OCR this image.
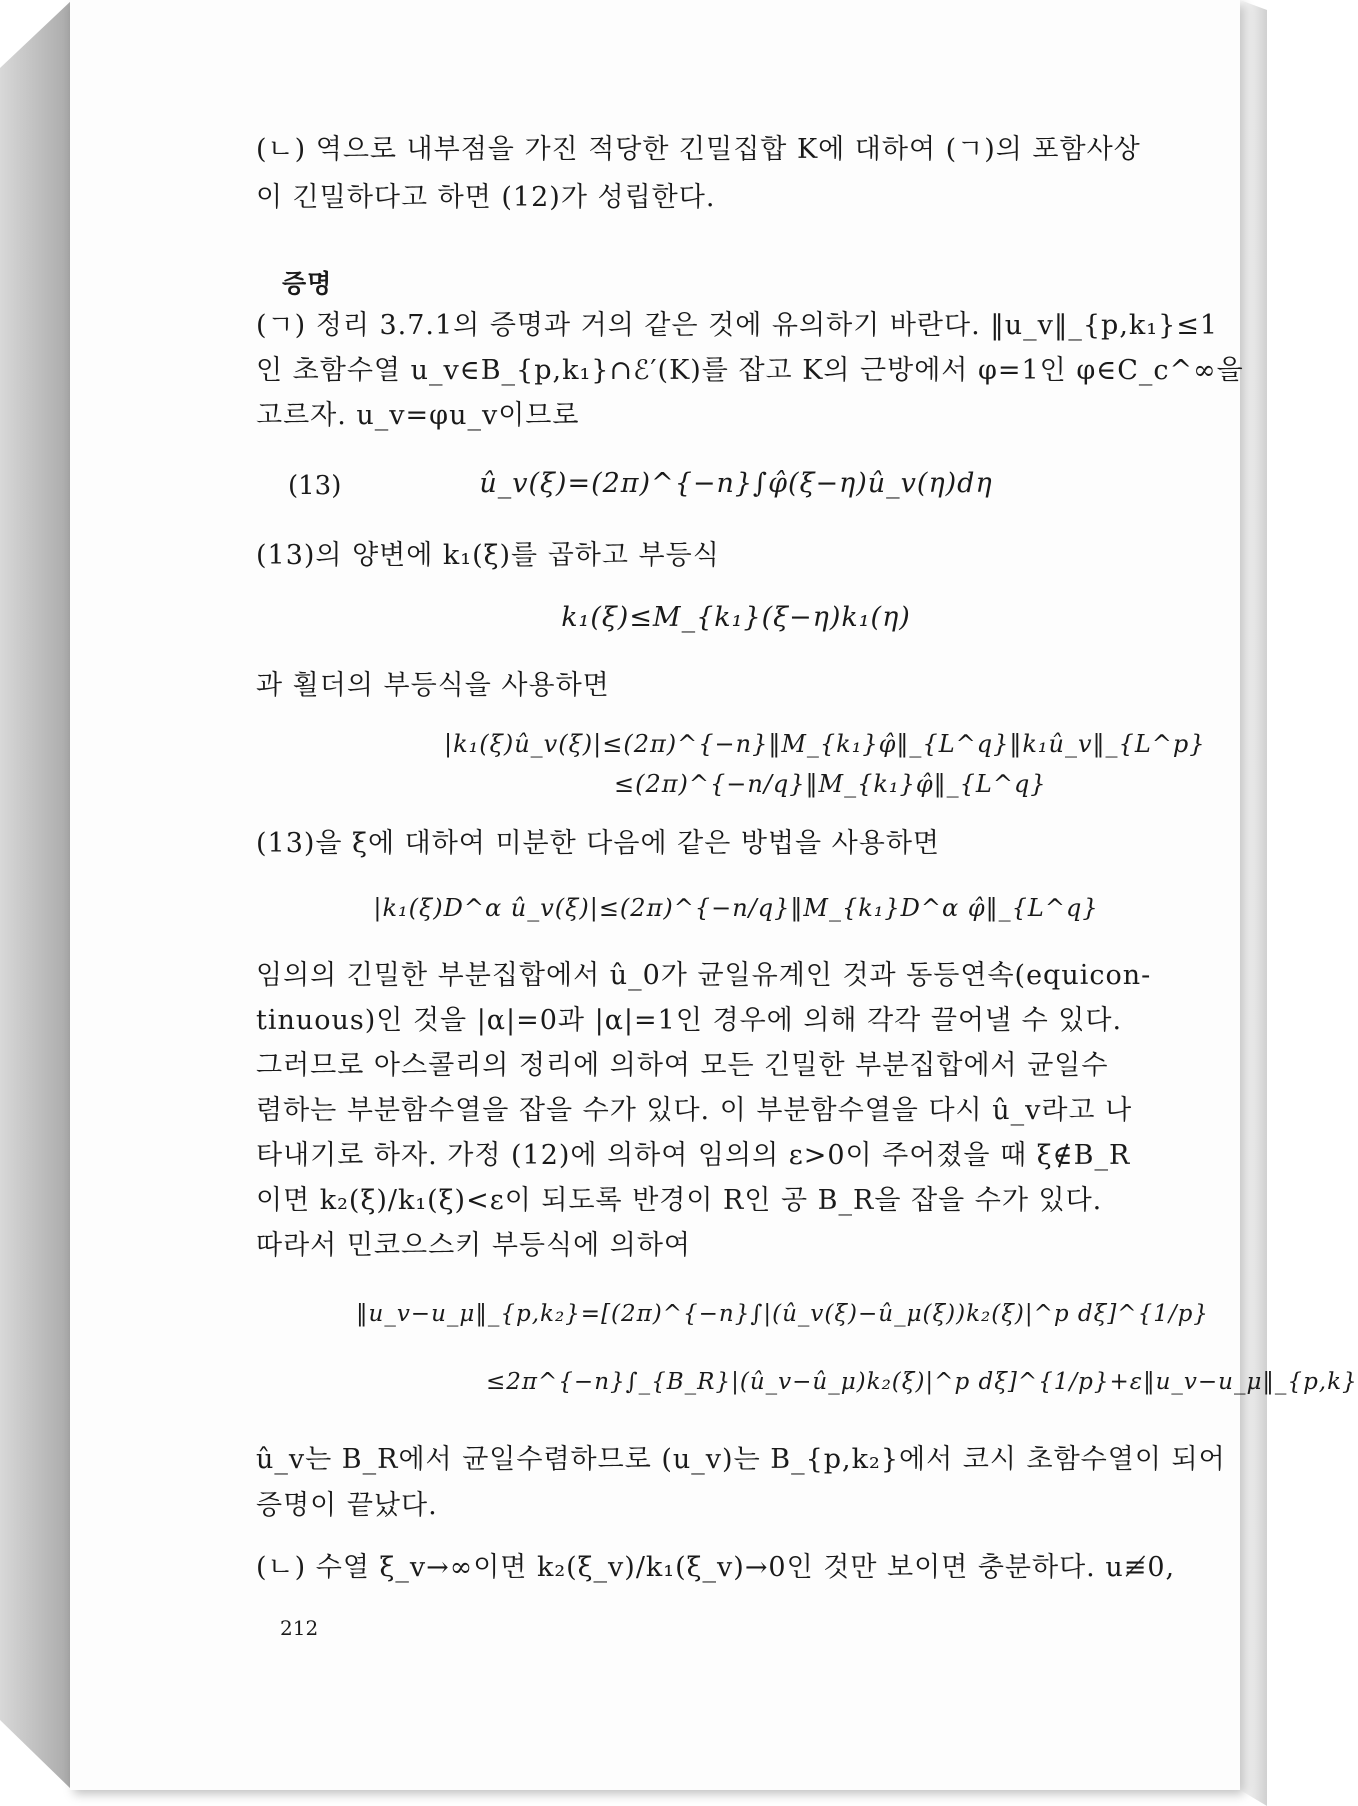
(ㄴ) 역으로 내부점을 가진 적당한 긴밀집합 K에 대하여 (ㄱ)의 포함사상
이 긴밀하다고 하면 (12)가 성립한다.
증명
(ㄱ) 정리 3.7.1의 증명과 거의 같은 것에 유의하기 바란다. ‖u_v‖_{p,k₁}≤1
인 초함수열 u_v∈B_{p,k₁}∩ℰ′(K)를 잡고 K의 근방에서 φ=1인 φ∈C_c^∞을
고르자. u_v=φu_v이므로
(13)	û_v(ξ)=(2π)^{−n}∫φ̂(ξ−η)û_v(η)dη
(13)의 양변에 k₁(ξ)를 곱하고 부등식
k₁(ξ)≤M_{k₁}(ξ−η)k₁(η)
과 횔더의 부등식을 사용하면
|k₁(ξ)û_v(ξ)|≤(2π)^{−n}‖M_{k₁}φ̂‖_{L^q}‖k₁û_v‖_{L^p}
≤(2π)^{−n/q}‖M_{k₁}φ̂‖_{L^q}
(13)을 ξ에 대하여 미분한 다음에 같은 방법을 사용하면
|k₁(ξ)D^α û_v(ξ)|≤(2π)^{−n/q}‖M_{k₁}D^α φ̂‖_{L^q}
임의의 긴밀한 부분집합에서 û_0가 균일유계인 것과 동등연속(equicon-
tinuous)인 것을 |α|=0과 |α|=1인 경우에 의해 각각 끌어낼 수 있다.
그러므로 아스콜리의 정리에 의하여 모든 긴밀한 부분집합에서 균일수
렴하는 부분함수열을 잡을 수가 있다. 이 부분함수열을 다시 û_v라고 나
타내기로 하자. 가정 (12)에 의하여 임의의 ε>0이 주어졌을 때 ξ∉B_R
이면 k₂(ξ)/k₁(ξ)<ε이 되도록 반경이 R인 공 B_R을 잡을 수가 있다.
따라서 민코으스키 부등식에 의하여
‖u_v−u_μ‖_{p,k₂}=[(2π)^{−n}∫|(û_v(ξ)−û_μ(ξ))k₂(ξ)|^p dξ]^{1/p}
≤2π^{−n}∫_{B_R}|(û_v−û_μ)k₂(ξ)|^p dξ]^{1/p}+ε‖u_v−u_μ‖_{p,k}
û_v는 B_R에서 균일수렴하므로 (u_v)는 B_{p,k₂}에서 코시 초함수열이 되어
증명이 끝났다.
(ㄴ) 수열 ξ_v→∞이면 k₂(ξ_v)/k₁(ξ_v)→0인 것만 보이면 충분하다. u≢0,
212
